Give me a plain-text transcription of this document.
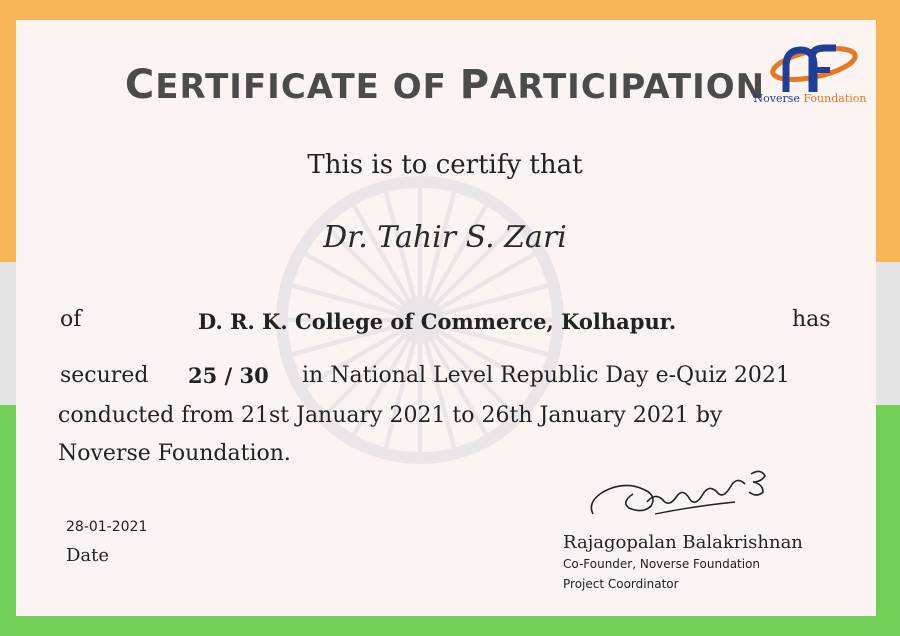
CERTIFICATE OF PARTICIPATION
Noverse Foundation
This is to certify that
Dr. Tahir S. Zari
of	D. R. K. College of Commerce, Kolhapur.	has
secured 25 / 30 in National Level Republic Day e-Quiz 2021
conducted from 21st January 2021 to 26th January 2021 by
Noverse Foundation.
28-01-2021
Date
Rajagopalan Balakrishnan
Co-Founder, Noverse Foundation
Project Coordinator
